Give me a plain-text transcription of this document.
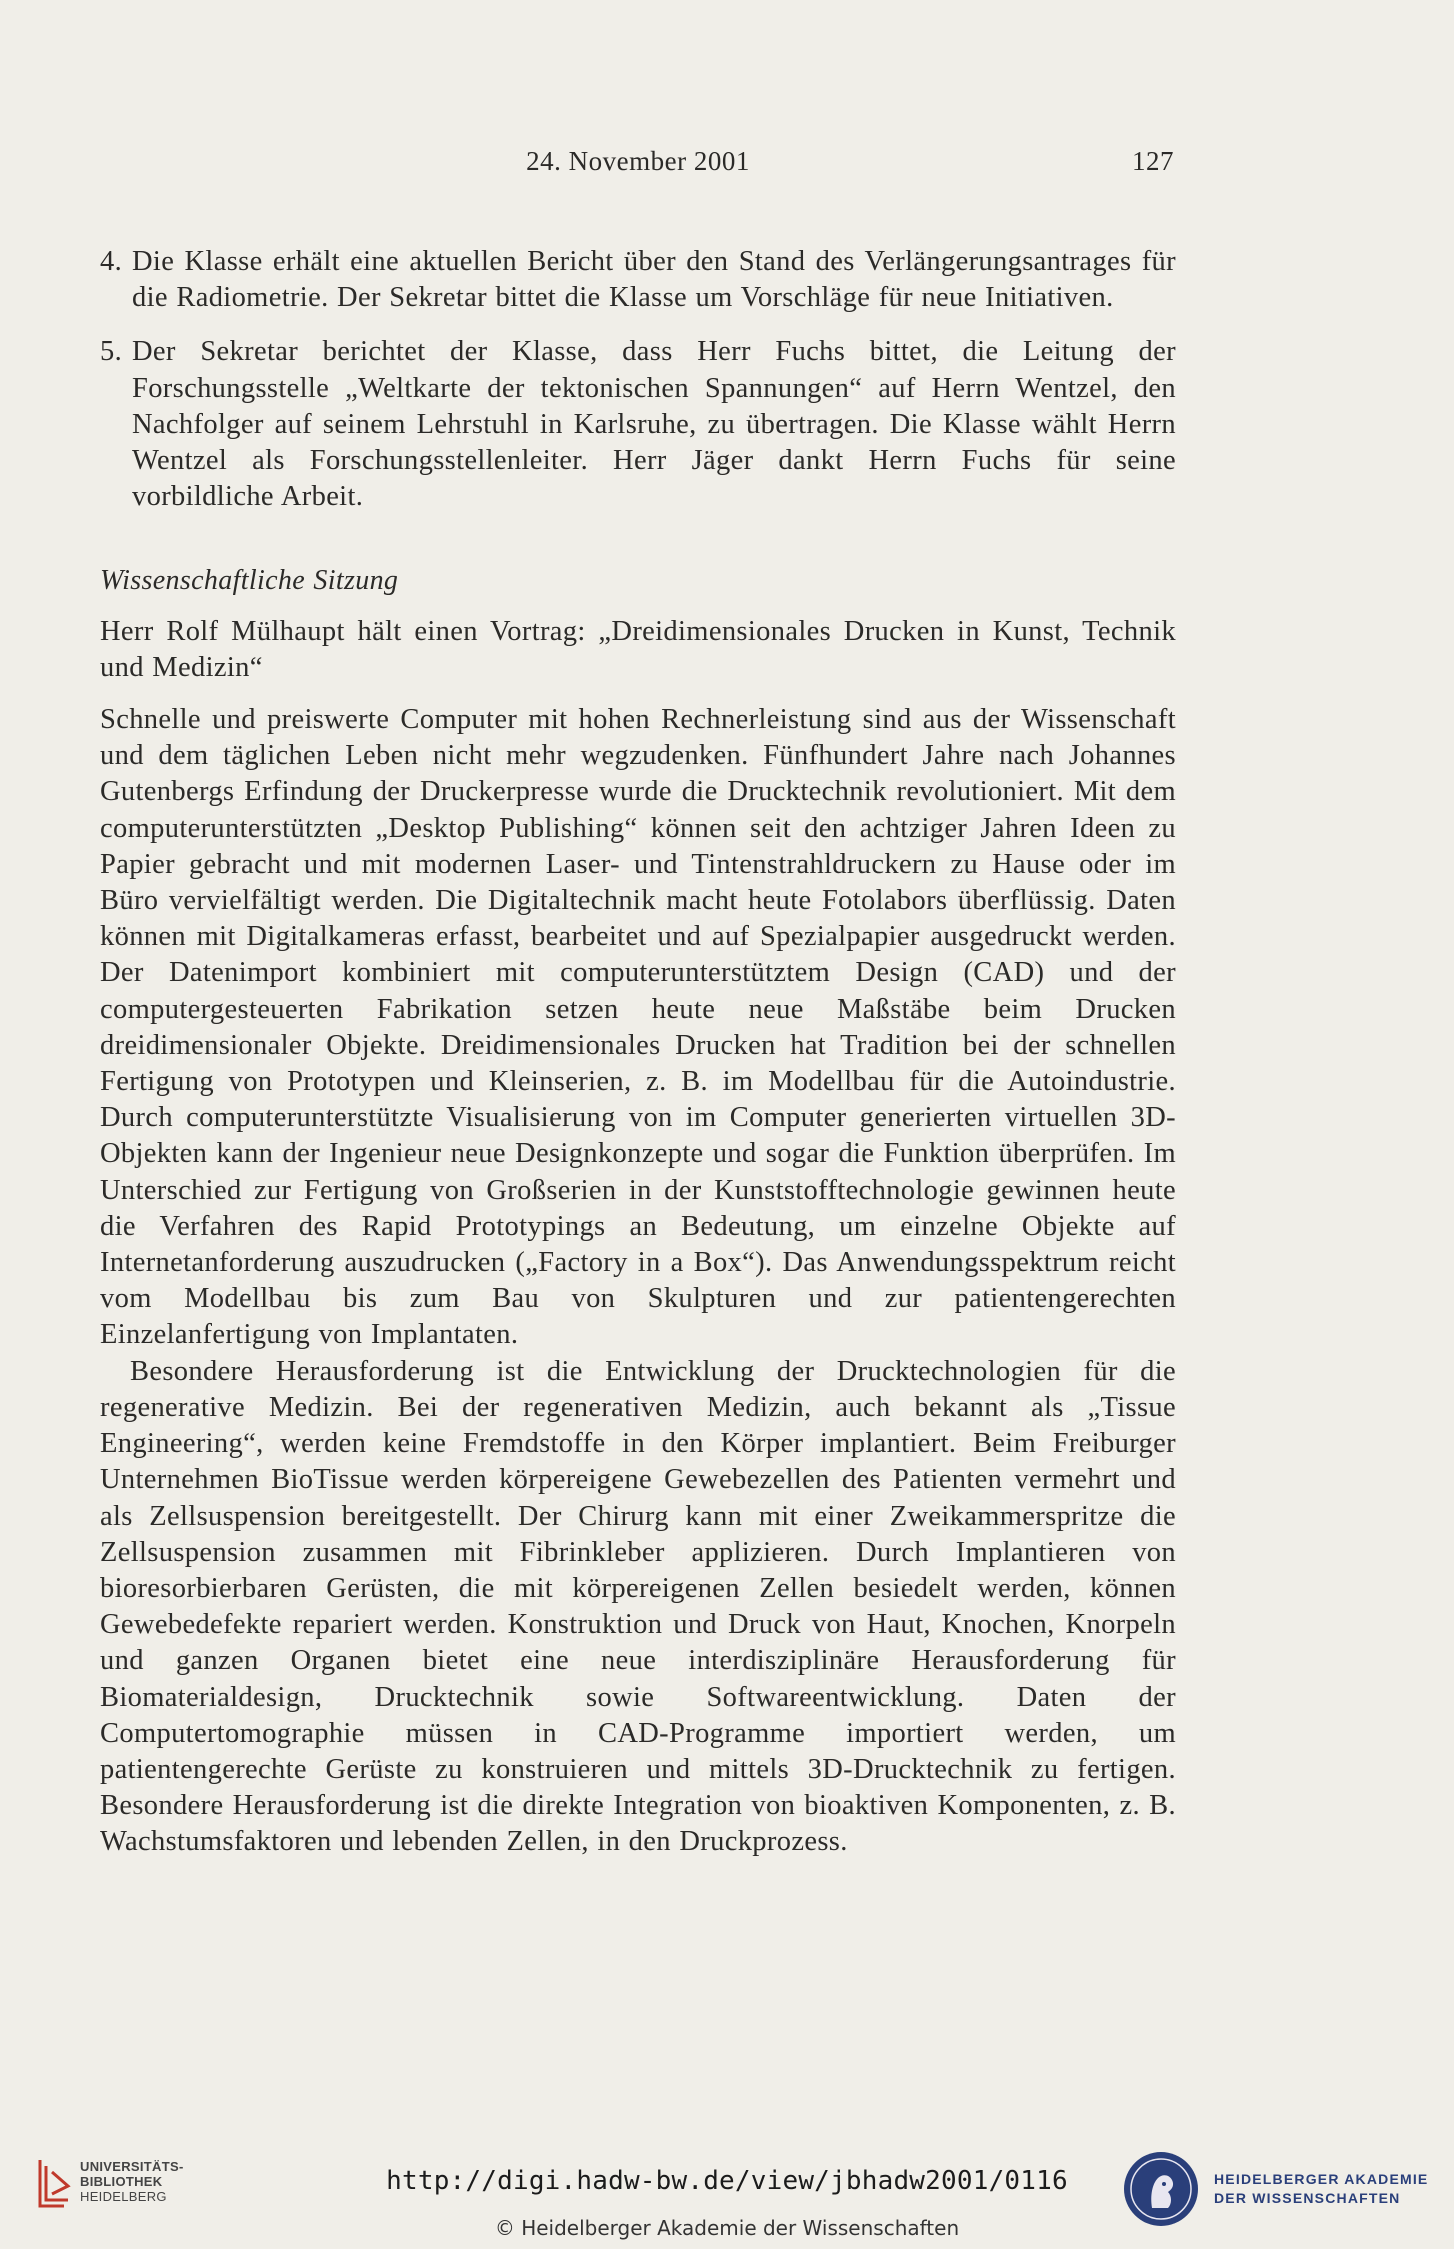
24. November 2001	127
4. Die Klasse erhält eine aktuellen Bericht über den Stand des Verlängerungsantrages für die Radiometrie. Der Sekretar bittet die Klasse um Vorschläge für neue Initiativen.
5. Der Sekretar berichtet der Klasse, dass Herr Fuchs bittet, die Leitung der Forschungsstelle „Weltkarte der tektonischen Spannungen“ auf Herrn Wentzel, den Nachfolger auf seinem Lehrstuhl in Karlsruhe, zu übertragen. Die Klasse wählt Herrn Wentzel als Forschungsstellenleiter. Herr Jäger dankt Herrn Fuchs für seine vorbildliche Arbeit.
Wissenschaftliche Sitzung

Herr Rolf Mülhaupt hält einen Vortrag: „Dreidimensionales Drucken in Kunst, Technik und Medizin“

Schnelle und preiswerte Computer mit hohen Rechnerleistung sind aus der Wissenschaft und dem täglichen Leben nicht mehr wegzudenken. Fünfhundert Jahre nach Johannes Gutenbergs Erfindung der Druckerpresse wurde die Drucktechnik revolutioniert. Mit dem computerunterstützten „Desktop Publishing“ können seit den achtziger Jahren Ideen zu Papier gebracht und mit modernen Laser- und Tintenstrahldruckern zu Hause oder im Büro vervielfältigt werden. Die Digitaltechnik macht heute Fotolabors überflüssig. Daten können mit Digitalkameras erfasst, bearbeitet und auf Spezialpapier ausgedruckt werden. Der Datenimport kombiniert mit computerunterstütztem Design (CAD) und der computergesteuerten Fabrikation setzen heute neue Maßstäbe beim Drucken dreidimensionaler Objekte. Dreidimensionales Drucken hat Tradition bei der schnellen Fertigung von Prototypen und Kleinserien, z. B. im Modellbau für die Autoindustrie. Durch computerunterstützte Visualisierung von im Computer generierten virtuellen 3D-Objekten kann der Ingenieur neue Designkonzepte und sogar die Funktion überprüfen. Im Unterschied zur Fertigung von Großserien in der Kunststofftechnologie gewinnen heute die Verfahren des Rapid Prototypings an Bedeutung, um einzelne Objekte auf Internetanforderung auszudrucken („Factory in a Box“). Das Anwendungsspektrum reicht vom Modellbau bis zum Bau von Skulpturen und zur patientengerechten Einzelanfertigung von Implantaten.

Besondere Herausforderung ist die Entwicklung der Drucktechnologien für die regenerative Medizin. Bei der regenerativen Medizin, auch bekannt als „Tissue Engineering“, werden keine Fremdstoffe in den Körper implantiert. Beim Freiburger Unternehmen BioTissue werden körpereigene Gewebezellen des Patienten vermehrt und als Zellsuspension bereitgestellt. Der Chirurg kann mit einer Zweikammerspritze die Zellsuspension zusammen mit Fibrinkleber applizieren. Durch Implantieren von bioresorbierbaren Gerüsten, die mit körpereigenen Zellen besiedelt werden, können Gewebedefekte repariert werden. Konstruktion und Druck von Haut, Knochen, Knorpeln und ganzen Organen bietet eine neue interdisziplinäre Herausforderung für Biomaterialdesign, Drucktechnik sowie Softwareentwicklung. Daten der Computertomographie müssen in CAD-Programme importiert werden, um patientengerechte Gerüste zu konstruieren und mittels 3D-Drucktechnik zu fertigen. Besondere Herausforderung ist die direkte Integration von bioaktiven Komponenten, z. B. Wachstumsfaktoren und lebenden Zellen, in den Druckprozess.

UNIVERSITÄTS-
BIBLIOTHEK
HEIDELBERG
http://digi.hadw-bw.de/view/jbhadw2001/0116
© Heidelberger Akademie der Wissenschaften
HEIDELBERGER AKADEMIE
DER WISSENSCHAFTEN
